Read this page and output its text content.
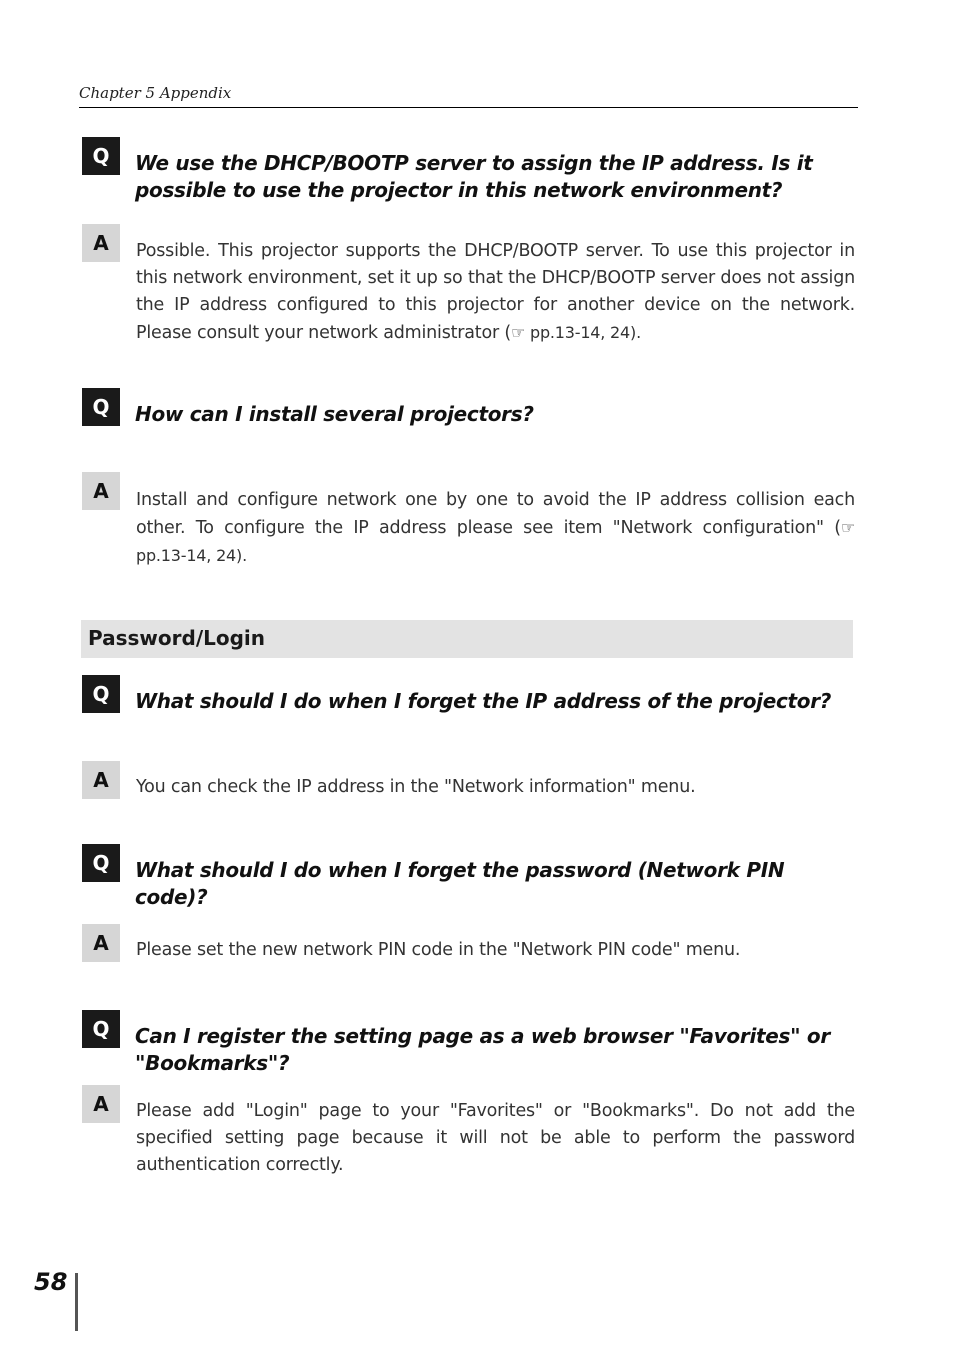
Chapter 5 Appendix
Q	We use the DHCP/BOOTP server to assign the IP address. Is it possible to use the projector in this network environment?
A	Possible. This projector supports the DHCP/BOOTP server. To use this projector in this network environment, set it up so that the DHCP/BOOTP server does not assign the IP address configured to this projector for another device on the network. Please consult your network administrator (☞ pp.13-14, 24).
Q	How can I install several projectors?
A	Install and configure network one by one to avoid the IP address collision each other. To configure the IP address please see item "Network configuration" (☞ pp.13-14, 24).
Password/Login
Q	What should I do when I forget the IP address of the projector?
A	You can check the IP address in the "Network information" menu.
Q	What should I do when I forget the password (Network PIN code)?
A	Please set the new network PIN code in the "Network PIN code" menu.
Q	Can I register the setting page as a web browser "Favorites" or "Bookmarks"?
A	Please add "Login" page to your "Favorites" or "Bookmarks". Do not add the specified setting page because it will not be able to perform the password authentication correctly.
58
